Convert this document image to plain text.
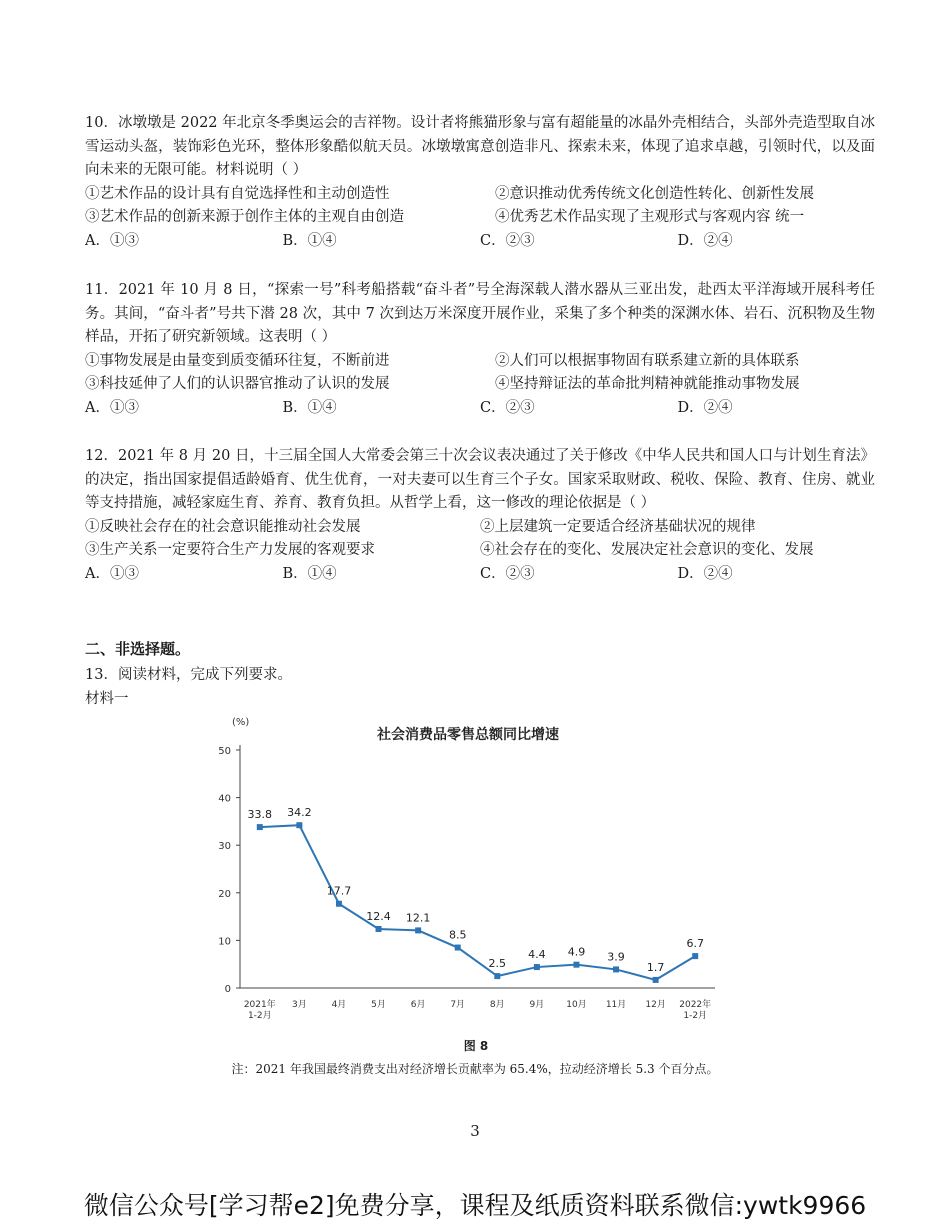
10．冰墩墩是 2022 年北京冬季奥运会的吉祥物。设计者将熊猫形象与富有超能量的冰晶外壳相结合，头部外壳造型取自冰雪运动头盔，装饰彩色光环，整体形象酷似航天员。冰墩墩寓意创造非凡、探索未来，体现了追求卓越，引领时代，以及面向未来的无限可能。材料说明（ ）
①艺术作品的设计具有自觉选择性和主动创造性	②意识推动优秀传统文化创造性转化、创新性发展
③艺术作品的创新来源于创作主体的主观自由创造	④优秀艺术作品实现了主观形式与客观内容 统一
A．①③	B．①④	C．②③	D．②④
11．2021 年 10 月 8 日，“探索一号”科考船搭载“奋斗者”号全海深载人潜水器从三亚出发，赴西太平洋海域开展科考任务。其间，“奋斗者”号共下潜 28 次，其中 7 次到达万米深度开展作业，采集了多个种类的深渊水体、岩石、沉积物及生物样品，开拓了研究新领域。这表明（ ）
①事物发展是由量变到质变循环往复，不断前进	②人们可以根据事物固有联系建立新的具体联系
③科技延伸了人们的认识器官推动了认识的发展	④坚持辩证法的革命批判精神就能推动事物发展
A．①③	B．①④	C．②③	D．②④
12．2021 年 8 月 20 日，十三届全国人大常委会第三十次会议表决通过了关于修改《中华人民共和国人口与计划生育法》的决定，指出国家提倡适龄婚育、优生优育，一对夫妻可以生育三个子女。国家采取财政、税收、保险、教育、住房、就业等支持措施，减轻家庭生育、养育、教育负担。从哲学上看，这一修改的理论依据是（ ）
①反映社会存在的社会意识能推动社会发展	②上层建筑一定要适合经济基础状况的规律
③生产关系一定要符合生产力发展的客观要求	④社会存在的变化、发展决定社会意识的变化、发展
A．①③	B．①④	C．②③	D．②④
二、非选择题。
13．阅读材料，完成下列要求。
材料一
社会消费品零售总额同比增速
(%)
0
10
20
30
40
50
2021年 1-2月
3月	4月	5月	6月	7月	8月	9月 10月 11月 12月 2022年 1-2月
33.8 34.2
17.7
12.4 12.1
8.5
2.5
4.4 4.9 3.9
1.7
6.7
图 8
注：2021 年我国最终消费支出对经济增长贡献率为 65.4%，拉动经济增长 5.3 个百分点。
3
微信公众号[学习帮e2]免费分享，课程及纸质资料联系微信:ywtk9966
